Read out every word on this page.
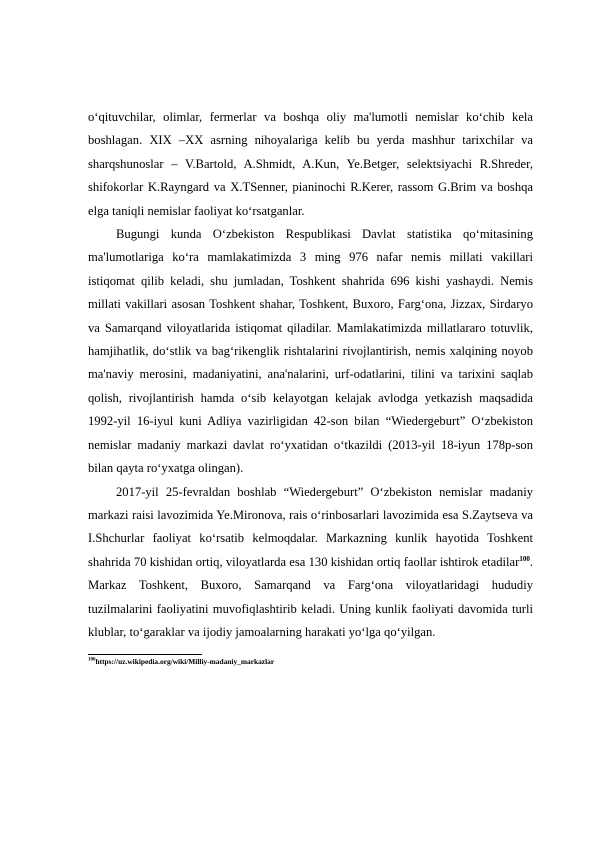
o‘qituvchilar, olimlar, fermerlar va boshqa oliy ma'lumotli nemislar ko‘chib kela boshlagan. XIX –XX asrning nihoyalariga kelib bu yerda mashhur tarixchilar va sharqshunoslar – V.Bartold, A.Shmidt, A.Kun, Ye.Betger, selektsiyachi R.Shreder, shifokorlar K.Rayngard va X.TSenner, pianinochi R.Kerer, rassom G.Brim va boshqa elga taniqli nemislar faoliyat ko‘rsatganlar.

Bugungi kunda O‘zbekiston Respublikasi Davlat statistika qo‘mitasining ma'lumotlariga ko‘ra mamlakatimizda 3 ming 976 nafar nemis millati vakillari istiqomat qilib keladi, shu jumladan, Toshkent shahrida 696 kishi yashaydi. Nemis millati vakillari asosan Toshkent shahar, Toshkent, Buxoro, Farg‘ona, Jizzax, Sirdaryo va Samarqand viloyatlarida istiqomat qiladilar. Mamlakatimizda millatlararo totuvlik, hamjihatlik, do‘stlik va bag‘rikenglik rishtalarini rivojlantirish, nemis xalqining noyob ma'naviy merosini, madaniyatini, ana'nalarini, urf-odatlarini, tilini va tarixini saqlab qolish, rivojlantirish hamda o‘sib kelayotgan kelajak avlodga yetkazish maqsadida 1992-yil 16-iyul kuni Adliya vazirligidan 42-son bilan “Wiedergeburt” O‘zbekiston nemislar madaniy markazi davlat ro‘yxatidan o‘tkazildi (2013-yil 18-iyun 178p-son bilan qayta ro‘yxatga olingan).

2017-yil 25-fevraldan boshlab “Wiedergeburt” O‘zbekiston nemislar madaniy markazi raisi lavozimida Ye.Mironova, rais o‘rinbosarlari lavozimida esa S.Zaytseva va I.Shchurlar faoliyat ko‘rsatib kelmoqdalar. Markazning kunlik hayotida Toshkent shahrida 70 kishidan ortiq, viloyatlarda esa 130 kishidan ortiq faollar ishtirok etadilar$^{100}$. Markaz Toshkent, Buxoro, Samarqand va Farg‘ona viloyatlaridagi hududiy tuzilmalarini faoliyatini muvofiqlashtirib keladi. Uning kunlik faoliyati davomida turli klublar, to‘garaklar va ijodiy jamoalarning harakati yo‘lga qo‘yilgan.

$^{100}$https://uz.wikipedia.org/wiki/Milliy-madaniy_markazlar
